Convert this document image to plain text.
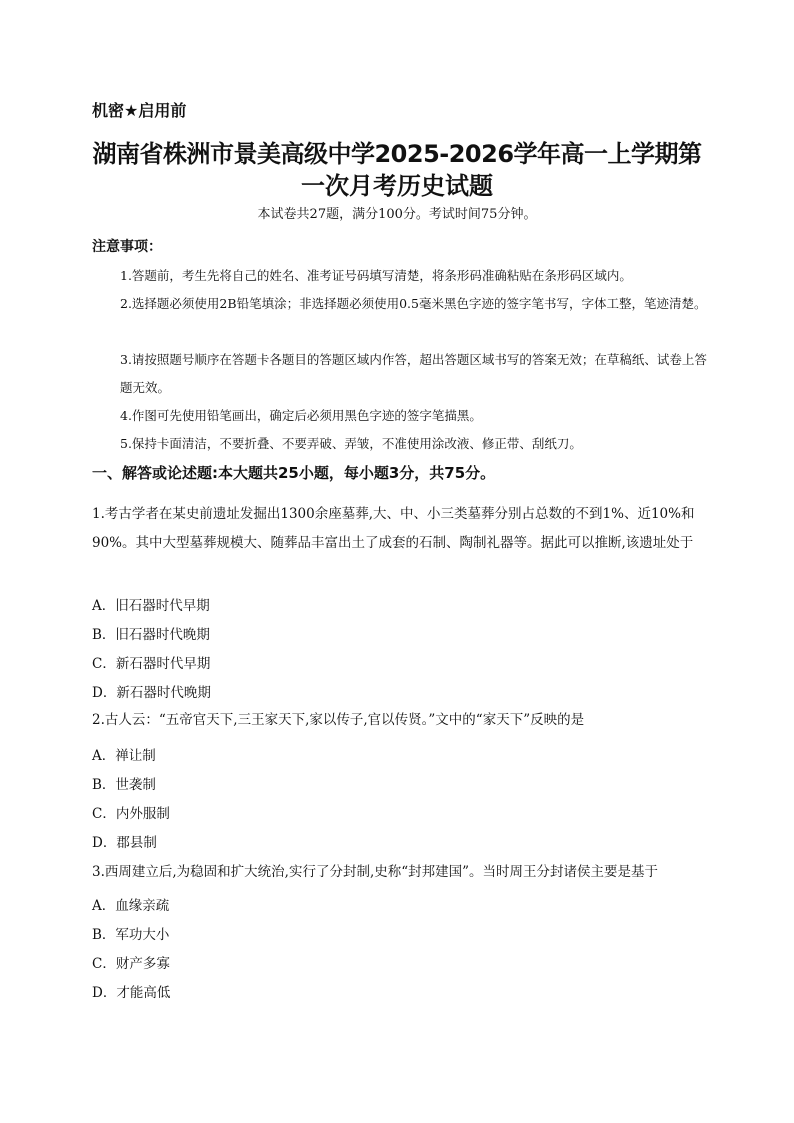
机密★启用前
湖南省株洲市景美高级中学2025-2026学年高一上学期第
一次月考历史试题
本试卷共27题，满分100分。考试时间75分钟。
注意事项：
1.答题前，考生先将自己的姓名、准考证号码填写清楚，将条形码准确粘贴在条形码区域内。
2.选择题必须使用2B铅笔填涂；非选择题必须使用0.5毫米黑色字迹的签字笔书写，字体工整，笔迹清楚。
3.请按照题号顺序在答题卡各题目的答题区域内作答，超出答题区域书写的答案无效；在草稿纸、试卷上答题无效。
4.作图可先使用铅笔画出，确定后必须用黑色字迹的签字笔描黑。
5.保持卡面清洁，不要折叠、不要弄破、弄皱，不准使用涂改液、修正带、刮纸刀。
一、解答或论述题:本大题共25小题，每小题3分，共75分。
1.考古学者在某史前遗址发掘出1300余座墓葬,大、中、小三类墓葬分别占总数的不到1%、近10%和90%。其中大型墓葬规模大、随葬品丰富出土了成套的石制、陶制礼器等。据此可以推断,该遗址处于
A．旧石器时代早期
B．旧石器时代晚期
C．新石器时代早期
D．新石器时代晚期
2.古人云：“五帝官天下,三王家天下,家以传子,官以传贤。”文中的“家天下”反映的是
A．禅让制
B．世袭制
C．内外服制
D．郡县制
3.西周建立后,为稳固和扩大统治,实行了分封制,史称“封邦建国”。当时周王分封诸侯主要是基于
A．血缘亲疏
B．军功大小
C．财产多寡
D．才能高低
